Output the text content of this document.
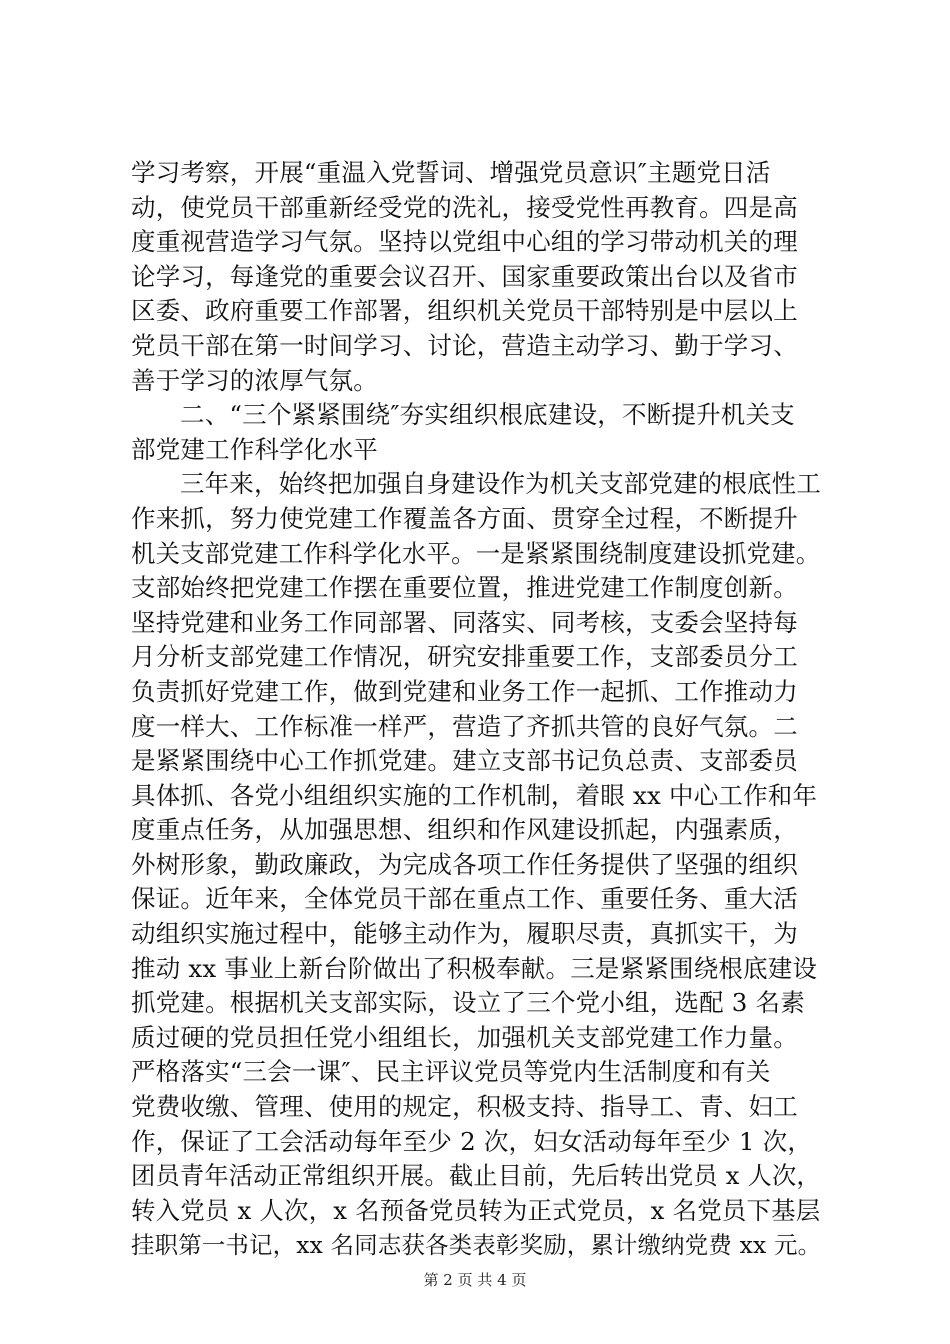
学习考察，开展“重温入党誓词、增强党员意识″主题党日活
动，使党员干部重新经受党的洗礼，接受党性再教育。四是高
度重视营造学习气氛。坚持以党组中心组的学习带动机关的理
论学习，每逢党的重要会议召开、国家重要政策出台以及省市
区委、政府重要工作部署，组织机关党员干部特别是中层以上
党员干部在第一时间学习、讨论，营造主动学习、勤于学习、
善于学习的浓厚气氛。
二、“三个紧紧围绕″夯实组织根底建设，不断提升机关支
部党建工作科学化水平
三年来，始终把加强自身建设作为机关支部党建的根底性工
作来抓，努力使党建工作覆盖各方面、贯穿全过程，不断提升
机关支部党建工作科学化水平。一是紧紧围绕制度建设抓党建。
支部始终把党建工作摆在重要位置，推进党建工作制度创新。
坚持党建和业务工作同部署、同落实、同考核，支委会坚持每
月分析支部党建工作情况，研究安排重要工作，支部委员分工
负责抓好党建工作，做到党建和业务工作一起抓、工作推动力
度一样大、工作标准一样严，营造了齐抓共管的良好气氛。二
是紧紧围绕中心工作抓党建。建立支部书记负总责、支部委员
具体抓、各党小组组织实施的工作机制，着眼 xx 中心工作和年
度重点任务，从加强思想、组织和作风建设抓起，内强素质，
外树形象，勤政廉政，为完成各项工作任务提供了坚强的组织
保证。近年来，全体党员干部在重点工作、重要任务、重大活
动组织实施过程中，能够主动作为，履职尽责，真抓实干，为
推动 xx 事业上新台阶做出了积极奉献。三是紧紧围绕根底建设
抓党建。根据机关支部实际，设立了三个党小组，选配 3 名素
质过硬的党员担任党小组组长，加强机关支部党建工作力量。
严格落实“三会一课″、民主评议党员等党内生活制度和有关
党费收缴、管理、使用的规定，积极支持、指导工、青、妇工
作，保证了工会活动每年至少 2 次，妇女活动每年至少 1 次，
团员青年活动正常组织开展。截止目前，先后转出党员 x 人次，
转入党员 x 人次，x 名预备党员转为正式党员，x 名党员下基层
挂职第一书记，xx 名同志获各类表彰奖励，累计缴纳党费 xx 元。
第 2 页 共 4 页
